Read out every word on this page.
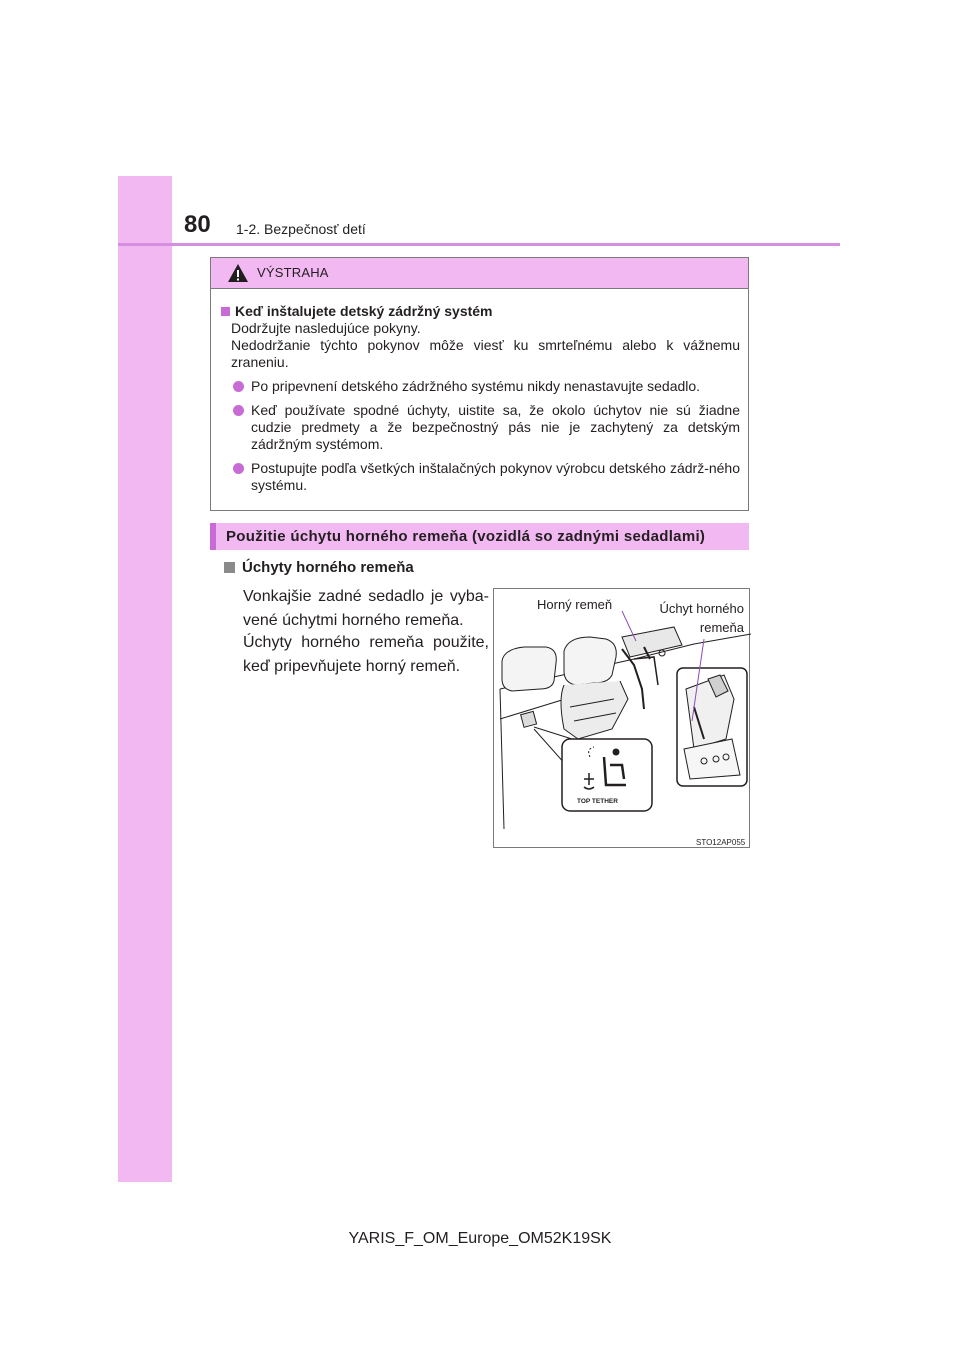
80 1-2. Bezpečnosť detí
VÝSTRAHA
Keď inštalujete detský zádržný systém
Dodržujte nasledujúce pokyny.
Nedodržanie týchto pokynov môže viesť ku smrteľnému alebo k vážnemu zraneniu.
Po pripevnení detského zádržného systému nikdy nenastavujte sedadlo.
Keď používate spodné úchyty, uistite sa, že okolo úchytov nie sú žiadne cudzie predmety a že bezpečnostný pás nie je zachytený za detským zádržným systémom.
Postupujte podľa všetkých inštalačných pokynov výrobcu detského zádrž-ného systému.
Použitie úchytu horného remeňa (vozidlá so zadnými sedadlami)
Úchyty horného remeňa
Vonkajšie zadné sedadlo je vyba-vené úchytmi horného remeňa.
Úchyty horného remeňa použite, keď pripevňujete horný remeň.
TOP TETHER
Horný remeň	Úchyt horného remeňa
STO12AP055
YARIS_F_OM_Europe_OM52K19SK
